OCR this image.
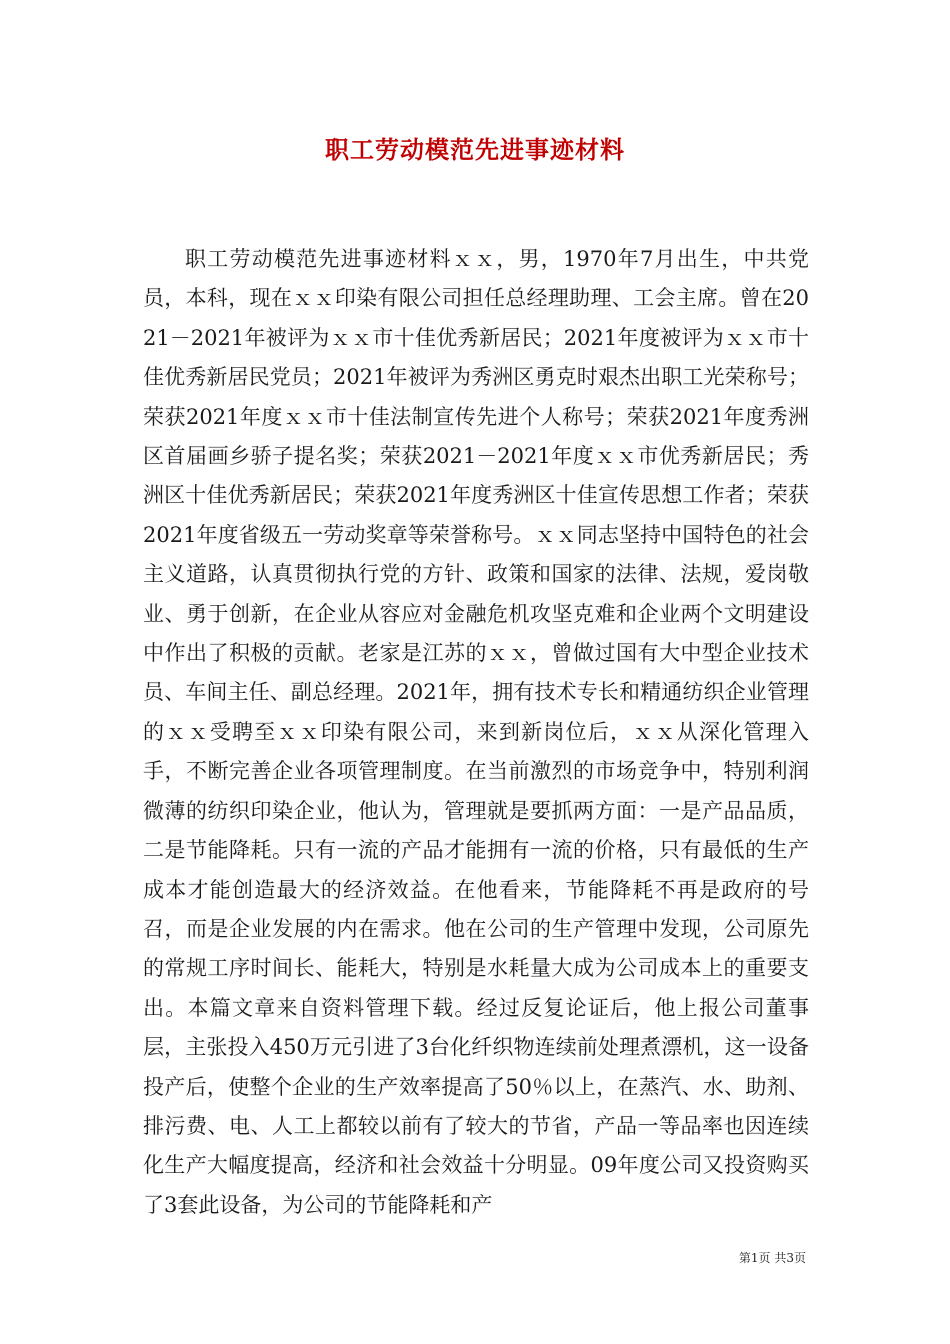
职工劳动模范先进事迹材料

职工劳动模范先进事迹材料ｘｘ，男，1970年7月出生，中共党员，本科，现在ｘｘ印染有限公司担任总经理助理、工会主席。曾在2021－2021年被评为ｘｘ市十佳优秀新居民；2021年度被评为ｘｘ市十佳优秀新居民党员；2021年被评为秀洲区勇克时艰杰出职工光荣称号；荣获2021年度ｘｘ市十佳法制宣传先进个人称号；荣获2021年度秀洲区首届画乡骄子提名奖；荣获2021－2021年度ｘｘ市优秀新居民；秀洲区十佳优秀新居民；荣获2021年度秀洲区十佳宣传思想工作者；荣获2021年度省级五一劳动奖章等荣誉称号。ｘｘ同志坚持中国特色的社会主义道路，认真贯彻执行党的方针、政策和国家的法律、法规，爱岗敬业、勇于创新，在企业从容应对金融危机攻坚克难和企业两个文明建设中作出了积极的贡献。老家是江苏的ｘｘ，曾做过国有大中型企业技术员、车间主任、副总经理。2021年，拥有技术专长和精通纺织企业管理的ｘｘ受聘至ｘｘ印染有限公司，来到新岗位后，ｘｘ从深化管理入手，不断完善企业各项管理制度。在当前激烈的市场竞争中，特别利润微薄的纺织印染企业，他认为，管理就是要抓两方面：一是产品品质，二是节能降耗。只有一流的产品才能拥有一流的价格，只有最低的生产成本才能创造最大的经济效益。在他看来，节能降耗不再是政府的号召，而是企业发展的内在需求。他在公司的生产管理中发现，公司原先的常规工序时间长、能耗大，特别是水耗量大成为公司成本上的重要支出。本篇文章来自资料管理下载。经过反复论证后，他上报公司董事层，主张投入450万元引进了3台化纤织物连续前处理煮漂机，这一设备投产后，使整个企业的生产效率提高了50％以上，在蒸汽、水、助剂、排污费、电、人工上都较以前有了较大的节省，产品一等品率也因连续化生产大幅度提高，经济和社会效益十分明显。09年度公司又投资购买了3套此设备，为公司的节能降耗和产

第1页 共3页
